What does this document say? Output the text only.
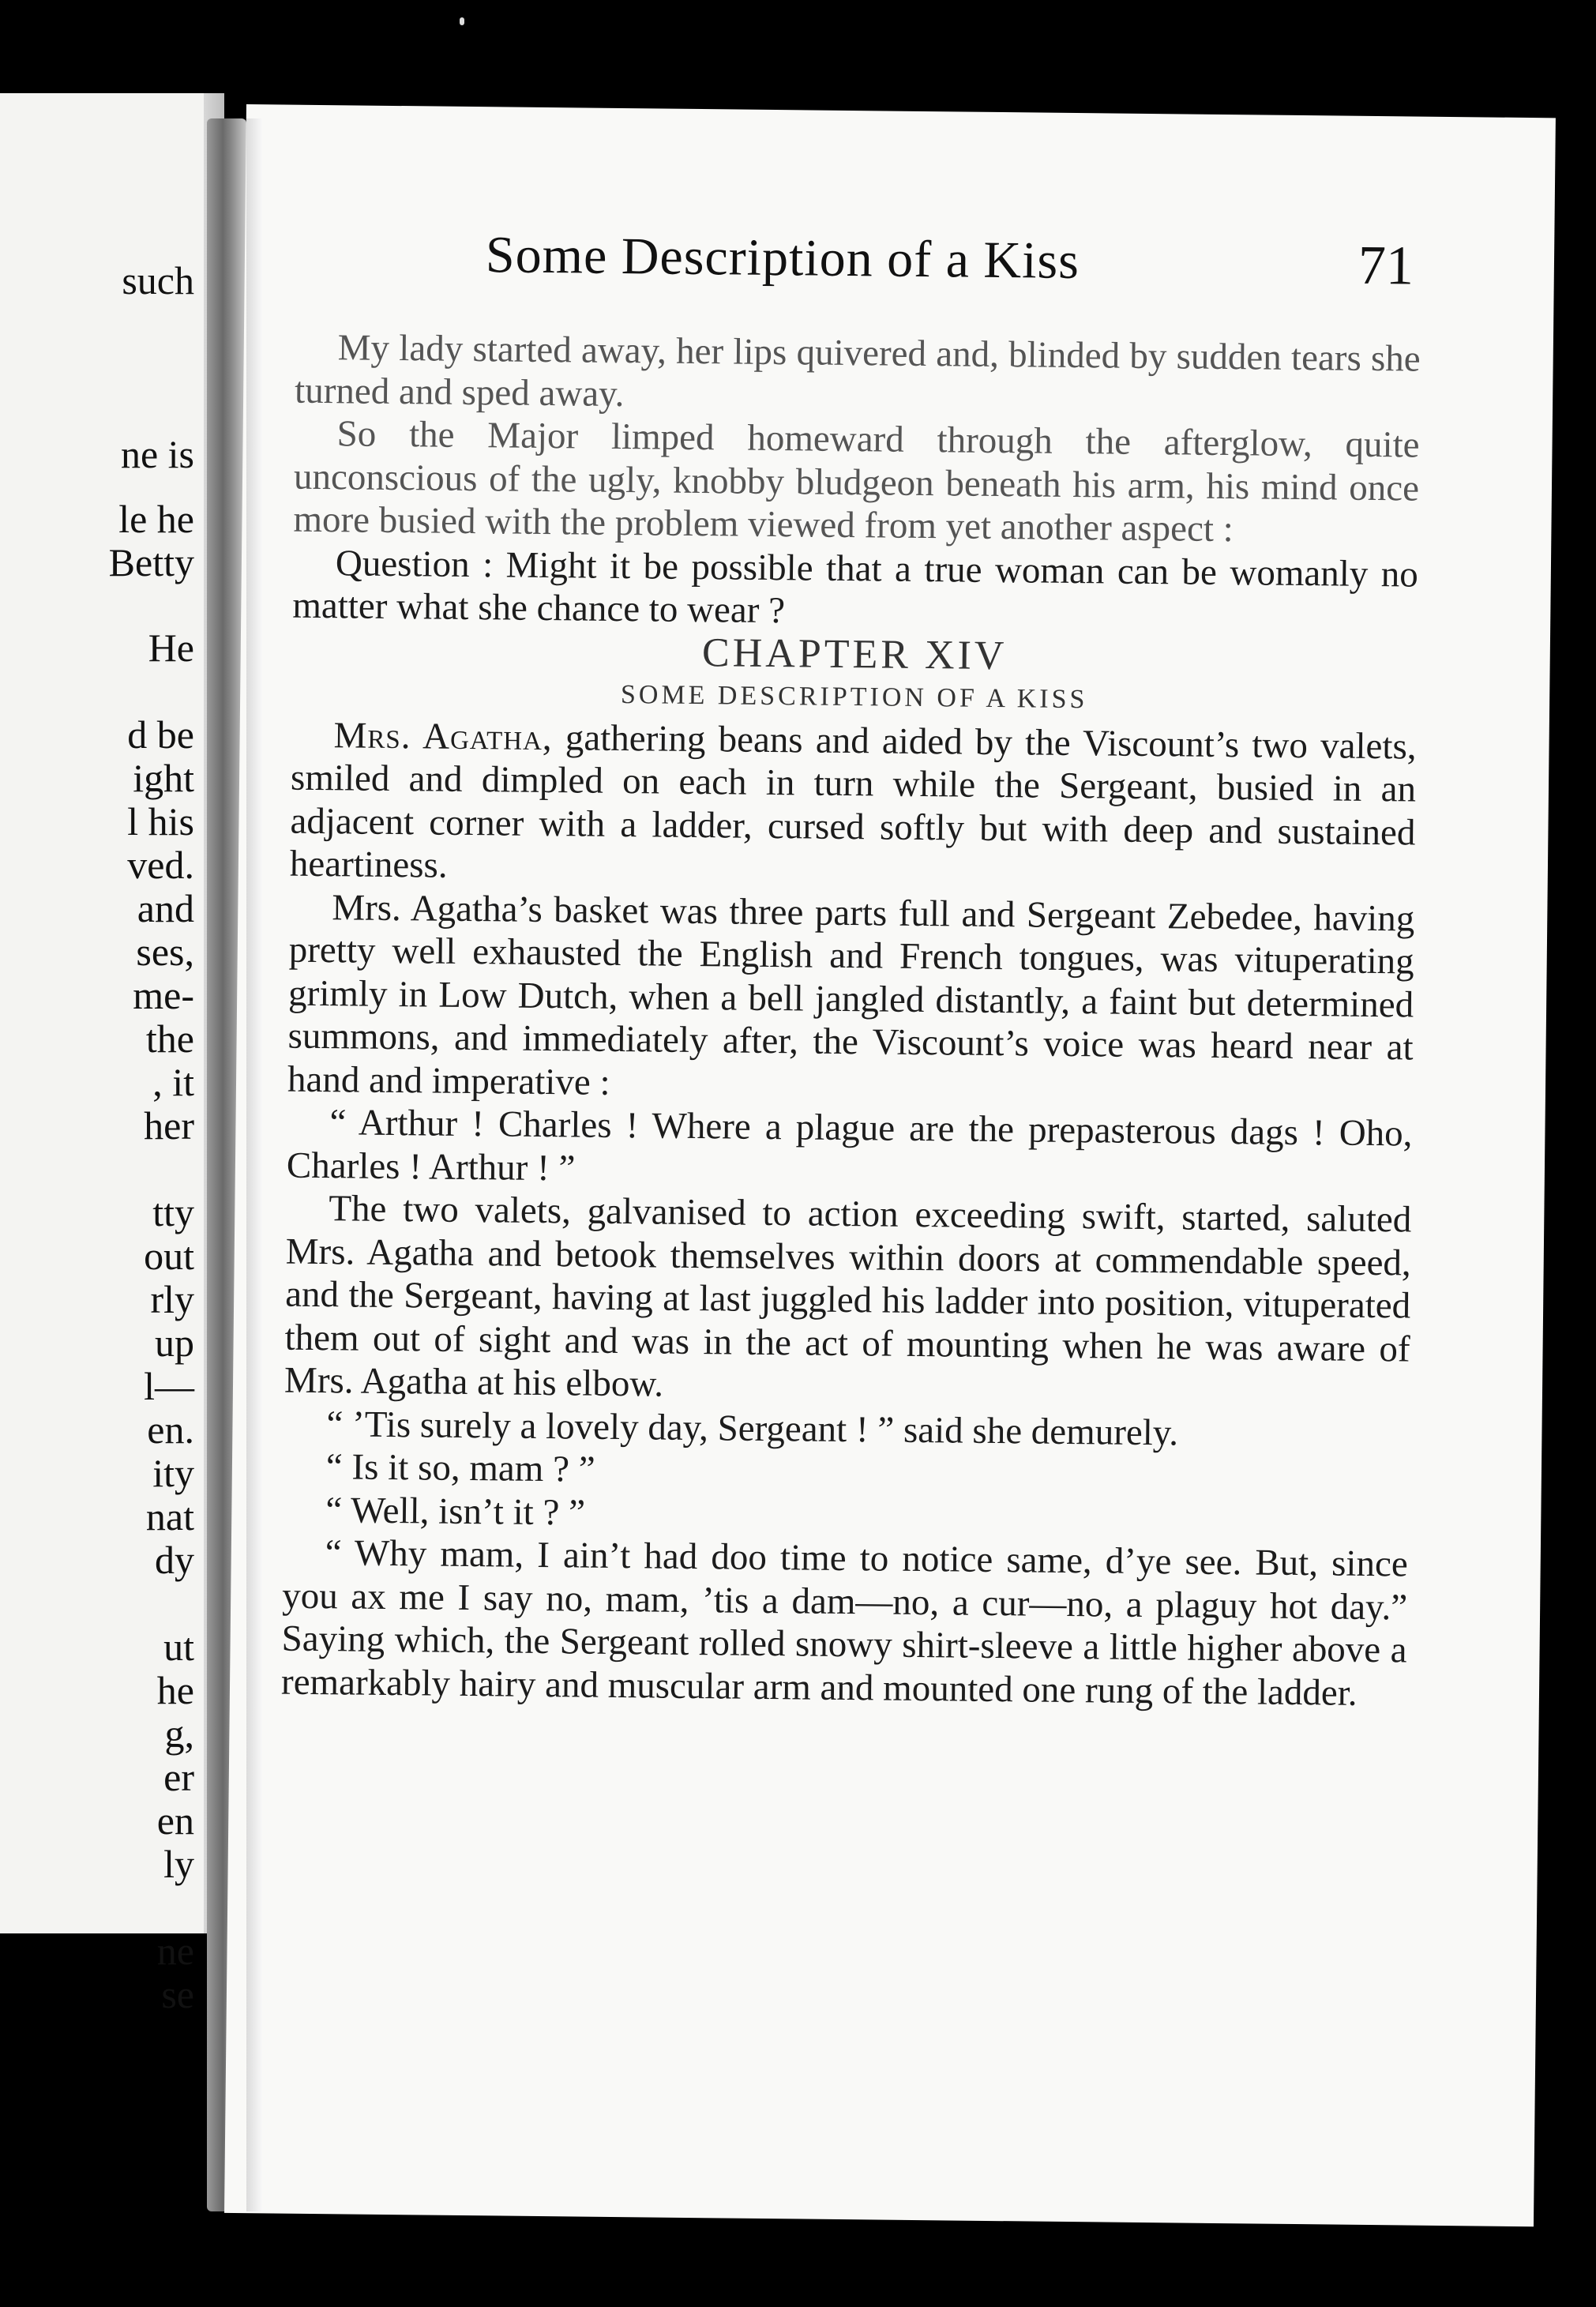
such
ne is
le he
Betty
He
d be
ight
l his
ved.
and
ses,
me-
the
, it
her
tty
out
rly
up
l—
en.
ity
nat
dy
ut
he
g,
er
en
ly
ne
se
Some Description of a Kiss	71

My lady started away, her lips quivered and, blinded by sudden tears she turned and sped away.

So the Major limped homeward through the afterglow, quite unconscious of the ugly, knobby bludgeon beneath his arm, his mind once more busied with the problem viewed from yet another aspect :

Question : Might it be possible that a true woman can be womanly no matter what she chance to wear ?

CHAPTER XIV

SOME DESCRIPTION OF A KISS

Mrs. Agatha, gathering beans and aided by the Viscount’s two valets, smiled and dimpled on each in turn while the Sergeant, busied in an adjacent corner with a ladder, cursed softly but with deep and sustained heartiness.

Mrs. Agatha’s basket was three parts full and Sergeant Zebedee, having pretty well exhausted the English and French tongues, was vituperating grimly in Low Dutch, when a bell jangled distantly, a faint but determined summons, and immediately after, the Viscount’s voice was heard near at hand and imperative :

“ Arthur ! Charles ! Where a plague are the prepasterous dags ! Oho, Charles ! Arthur ! ”

The two valets, galvanised to action exceeding swift, started, saluted Mrs. Agatha and betook themselves within doors at commendable speed, and the Sergeant, having at last juggled his ladder into position, vituperated them out of sight and was in the act of mounting when he was aware of Mrs. Agatha at his elbow.

“ ’Tis surely a lovely day, Sergeant ! ” said she demurely.

“ Is it so, mam ? ”

“ Well, isn’t it ? ”

“ Why mam, I ain’t had doo time to notice same, d’ye see. But, since you ax me I say no, mam, ’tis a dam—no, a cur—no, a plaguy hot day.” Saying which, the Sergeant rolled snowy shirt-sleeve a little higher above a remarkably hairy and muscular arm and mounted one rung of the ladder.
